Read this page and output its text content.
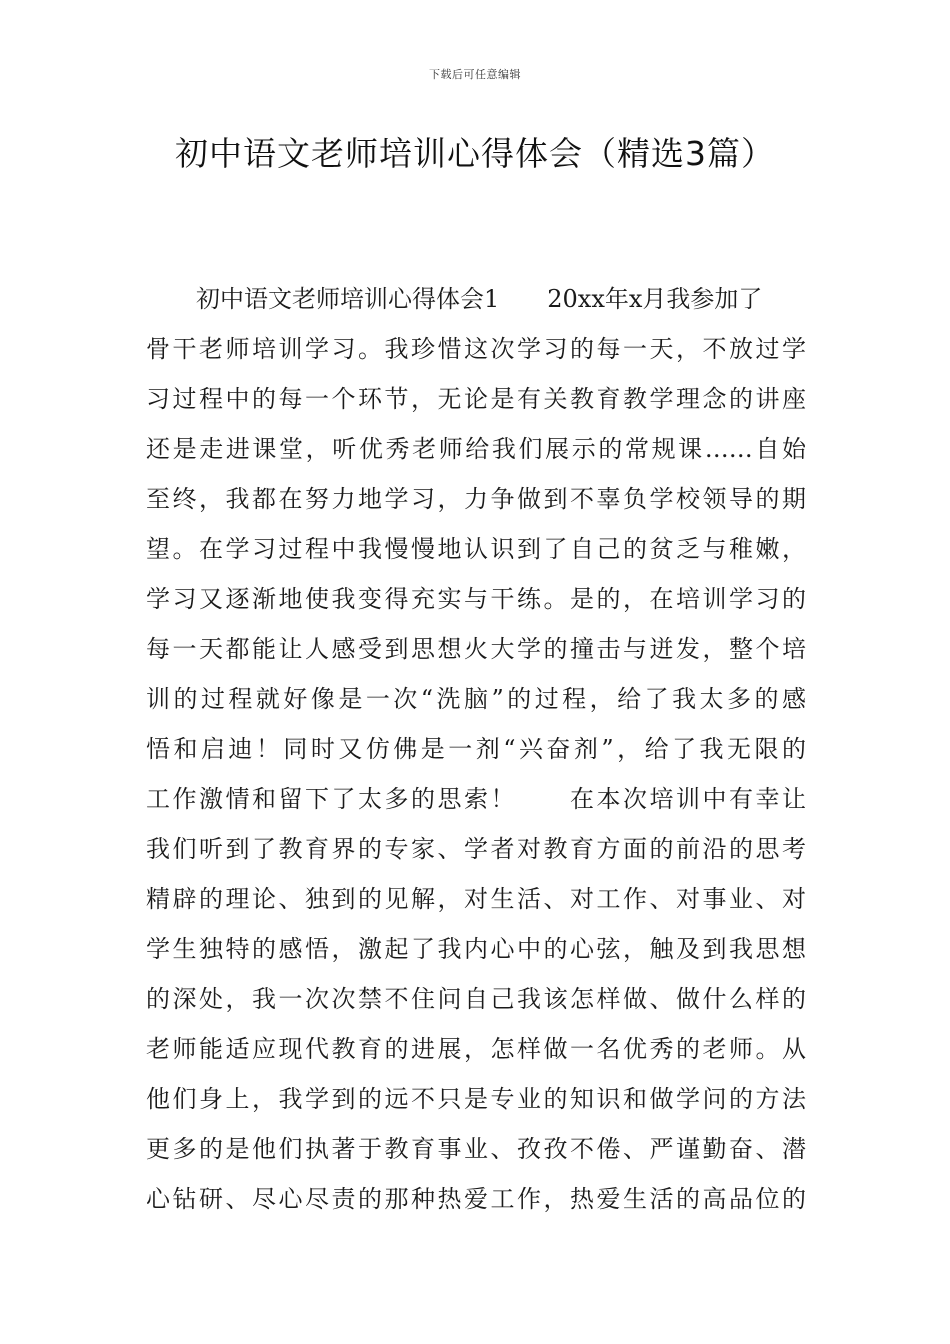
下载后可任意编辑
初中语文老师培训心得体会（精选3篇）
初中语文老师培训心得体会1　　20xx年x月我参加了
骨干老师培训学习。我珍惜这次学习的每一天，不放过学
习过程中的每一个环节，无论是有关教育教学理念的讲座
还是走进课堂，听优秀老师给我们展示的常规课……自始
至终，我都在努力地学习，力争做到不辜负学校领导的期
望。在学习过程中我慢慢地认识到了自己的贫乏与稚嫩，
学习又逐渐地使我变得充实与干练。是的，在培训学习的
每一天都能让人感受到思想火大学的撞击与迸发，整个培
训的过程就好像是一次“洗脑”的过程，给了我太多的感
悟和启迪！同时又仿佛是一剂“兴奋剂”，给了我无限的
工作激情和留下了太多的思索！　　在本次培训中有幸让
我们听到了教育界的专家、学者对教育方面的前沿的思考
精辟的理论、独到的见解，对生活、对工作、对事业、对
学生独特的感悟，激起了我内心中的心弦，触及到我思想
的深处，我一次次禁不住问自己我该怎样做、做什么样的
老师能适应现代教育的进展，怎样做一名优秀的老师。从
他们身上，我学到的远不只是专业的知识和做学问的方法
更多的是他们执著于教育事业、孜孜不倦、严谨勤奋、潜
心钻研、尽心尽责的那种热爱工作，热爱生活的高品位的
